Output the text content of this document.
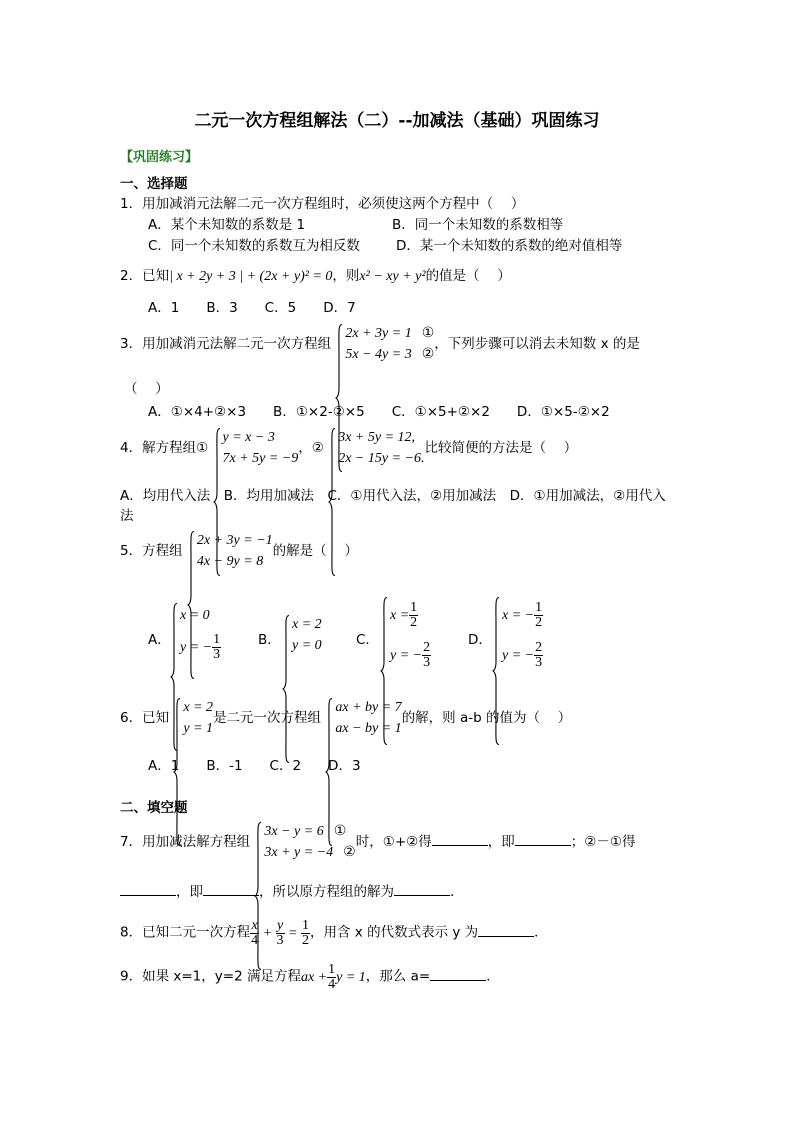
二元一次方程组解法（二）--加减法（基础）巩固练习
【巩固练习】
一、选择题
1．用加减消元法解二元一次方程组时，必须使这两个方程中（　 ）
A．某个未知数的系数是 1	B．同一个未知数的系数相等
C．同一个未知数的系数互为相反数	D．某一个未知数的系数的绝对值相等
2．已知| x + 2y + 3 | + (2x + y)² = 0，则x² − xy + y²的值是（　 ）
A．1　　B．3　　C．5　　D．7
3．用加减消元法解二元一次方程组
2x + 3y = 1 ①
5x − 4y = 3 ②
，下列步骤可以消去未知数 x 的是
（　 ）
A．①×4+②×3　　B．①×2-②×5　　C．①×5+②×2　　D．①×5-②×2
4．解方程组①
y = x − 3
7x + 5y = −9
，②
3x + 5y = 12,
2x − 15y = −6.
比较简便的方法是（　 ）
A．均用代入法　B．均用加减法　C．①用代入法，②用加减法　D．①用加减法，②用代入
法
5．方程组
2x + 3y = −1
4x − 9y = 8
的解是（　 ）
A．
x = 0
y = − $\frac{1}{3}$	B．
x = 2
y = 0	C．
$x = \frac{1}{2}$
y = − $\frac{2}{3}$
D．
x = − $\frac{1}{2}$
y = − $\frac{2}{3}$
6．已知
x = 2
y = 1
是二元一次方程组
ax + by = 7
ax − by = 1
的解，则 a-b 的值为（　 ）
A．1　　B．-1　　C．2　　D．3
二、填空题
7．用加减法解方程组
3x − y = 6 ①
3x + y = −4 ②
时，①+②得	，即	；②－①得
，即	，所以原方程组的解为	．
8．已知二元一次方程 $\frac{x}{4} + \frac{y}{3} = \frac{1}{2}$ ，用含 x 的代数式表示 y 为	．
9．如果 x=1，y=2 满足方程ax + $\frac{1}{4}$ y = 1，那么 a=	．
